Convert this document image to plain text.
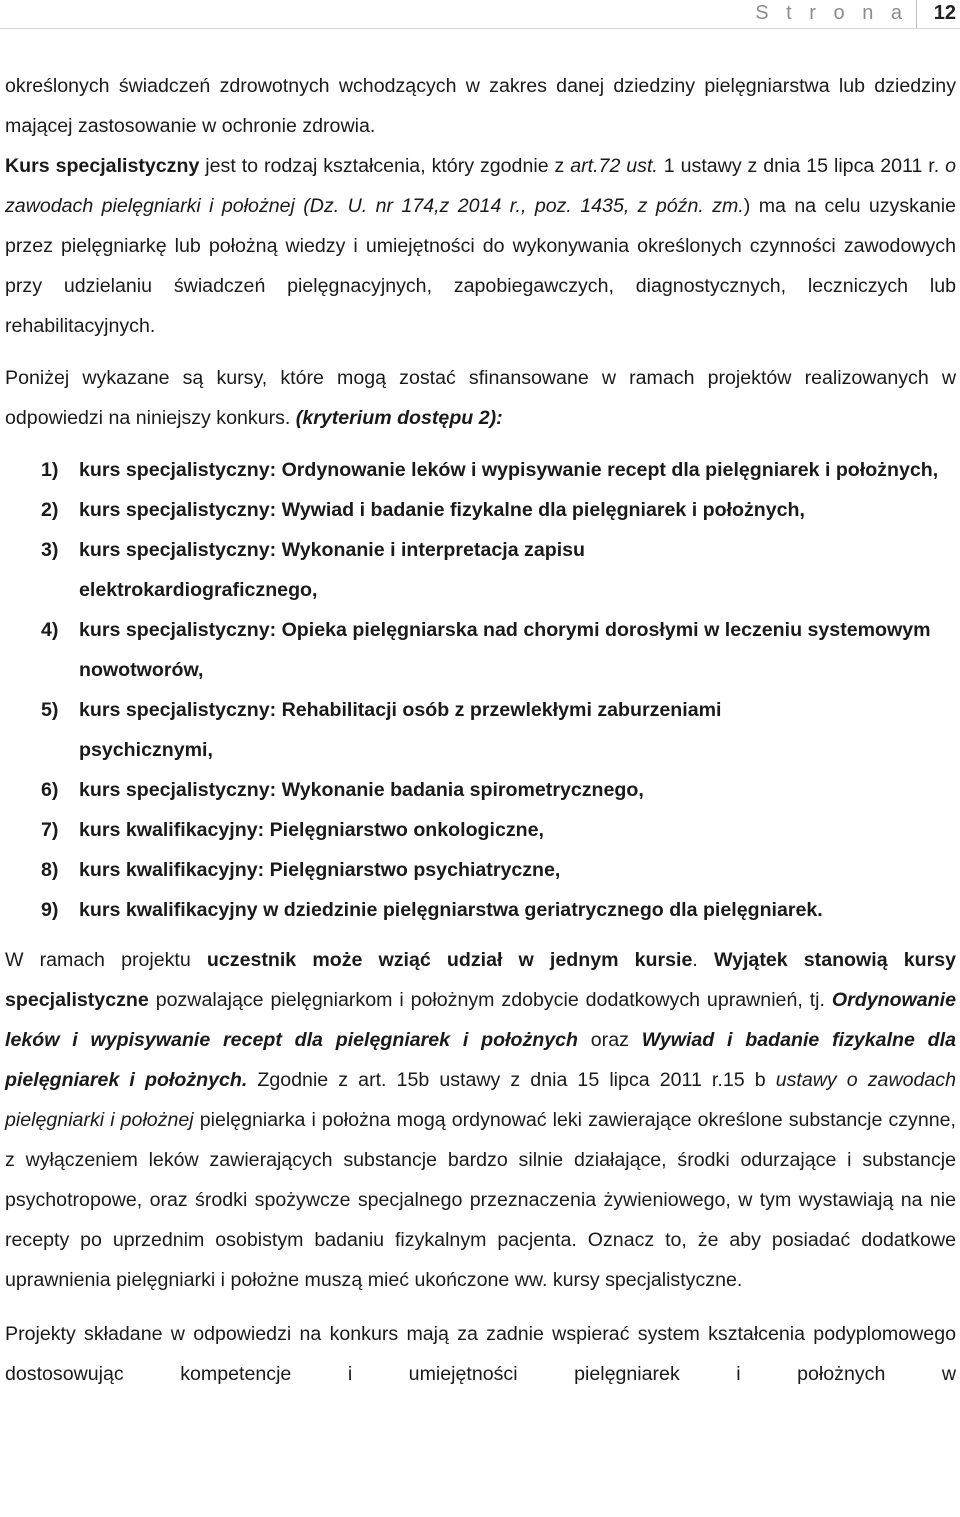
S t r o n a 12

określonych świadczeń zdrowotnych wchodzących w zakres danej dziedziny pielęgniarstwa lub dziedziny mającej zastosowanie w ochronie zdrowia.

Kurs specjalistyczny jest to rodzaj kształcenia, który zgodnie z art.72 ust. 1 ustawy z dnia 15 lipca 2011 r. o zawodach pielęgniarki i położnej (Dz. U. nr 174,z 2014 r., poz. 1435, z późn. zm.) ma na celu uzyskanie przez pielęgniarkę lub położną wiedzy i umiejętności do wykonywania określonych czynności zawodowych przy udzielaniu świadczeń pielęgnacyjnych, zapobiegawczych, diagnostycznych, leczniczych lub rehabilitacyjnych.

Poniżej wykazane są kursy, które mogą zostać sfinansowane w ramach projektów realizowanych w odpowiedzi na niniejszy konkurs. (kryterium dostępu 2):

1)	kurs specjalistyczny: Ordynowanie leków i wypisywanie recept dla pielęgniarek i położnych,
2)	kurs specjalistyczny: Wywiad i badanie fizykalne dla pielęgniarek i położnych,
3)	kurs specjalistyczny: Wykonanie i interpretacja zapisu elektrokardiograficznego,
4)	kurs specjalistyczny: Opieka pielęgniarska nad chorymi dorosłymi w leczeniu systemowym nowotworów,
5)	kurs specjalistyczny: Rehabilitacji osób z przewlekłymi zaburzeniami psychicznymi,
6)	kurs specjalistyczny: Wykonanie badania spirometrycznego,
7)	kurs kwalifikacyjny: Pielęgniarstwo onkologiczne,
8)	kurs kwalifikacyjny: Pielęgniarstwo psychiatryczne,
9)	kurs kwalifikacyjny w dziedzinie pielęgniarstwa geriatrycznego dla pielęgniarek.

W ramach projektu uczestnik może wziąć udział w jednym kursie. Wyjątek stanowią kursy specjalistyczne pozwalające pielęgniarkom i położnym zdobycie dodatkowych uprawnień, tj. Ordynowanie leków i wypisywanie recept dla pielęgniarek i położnych oraz Wywiad i badanie fizykalne dla pielęgniarek i położnych. Zgodnie z art. 15b ustawy z dnia 15 lipca 2011 r.15 b ustawy o zawodach pielęgniarki i położnej pielęgniarka i położna mogą ordynować leki zawierające określone substancje czynne, z wyłączeniem leków zawierających substancje bardzo silnie działające, środki odurzające i substancje psychotropowe, oraz środki spożywcze specjalnego przeznaczenia żywieniowego, w tym wystawiają na nie recepty po uprzednim osobistym badaniu fizykalnym pacjenta. Oznacz to, że aby posiadać dodatkowe uprawnienia pielęgniarki i położne muszą mieć ukończone ww. kursy specjalistyczne.

Projekty składane w odpowiedzi na konkurs mają za zadnie wspierać system kształcenia podyplomowego dostosowując kompetencje i umiejętności pielęgniarek i położnych w
